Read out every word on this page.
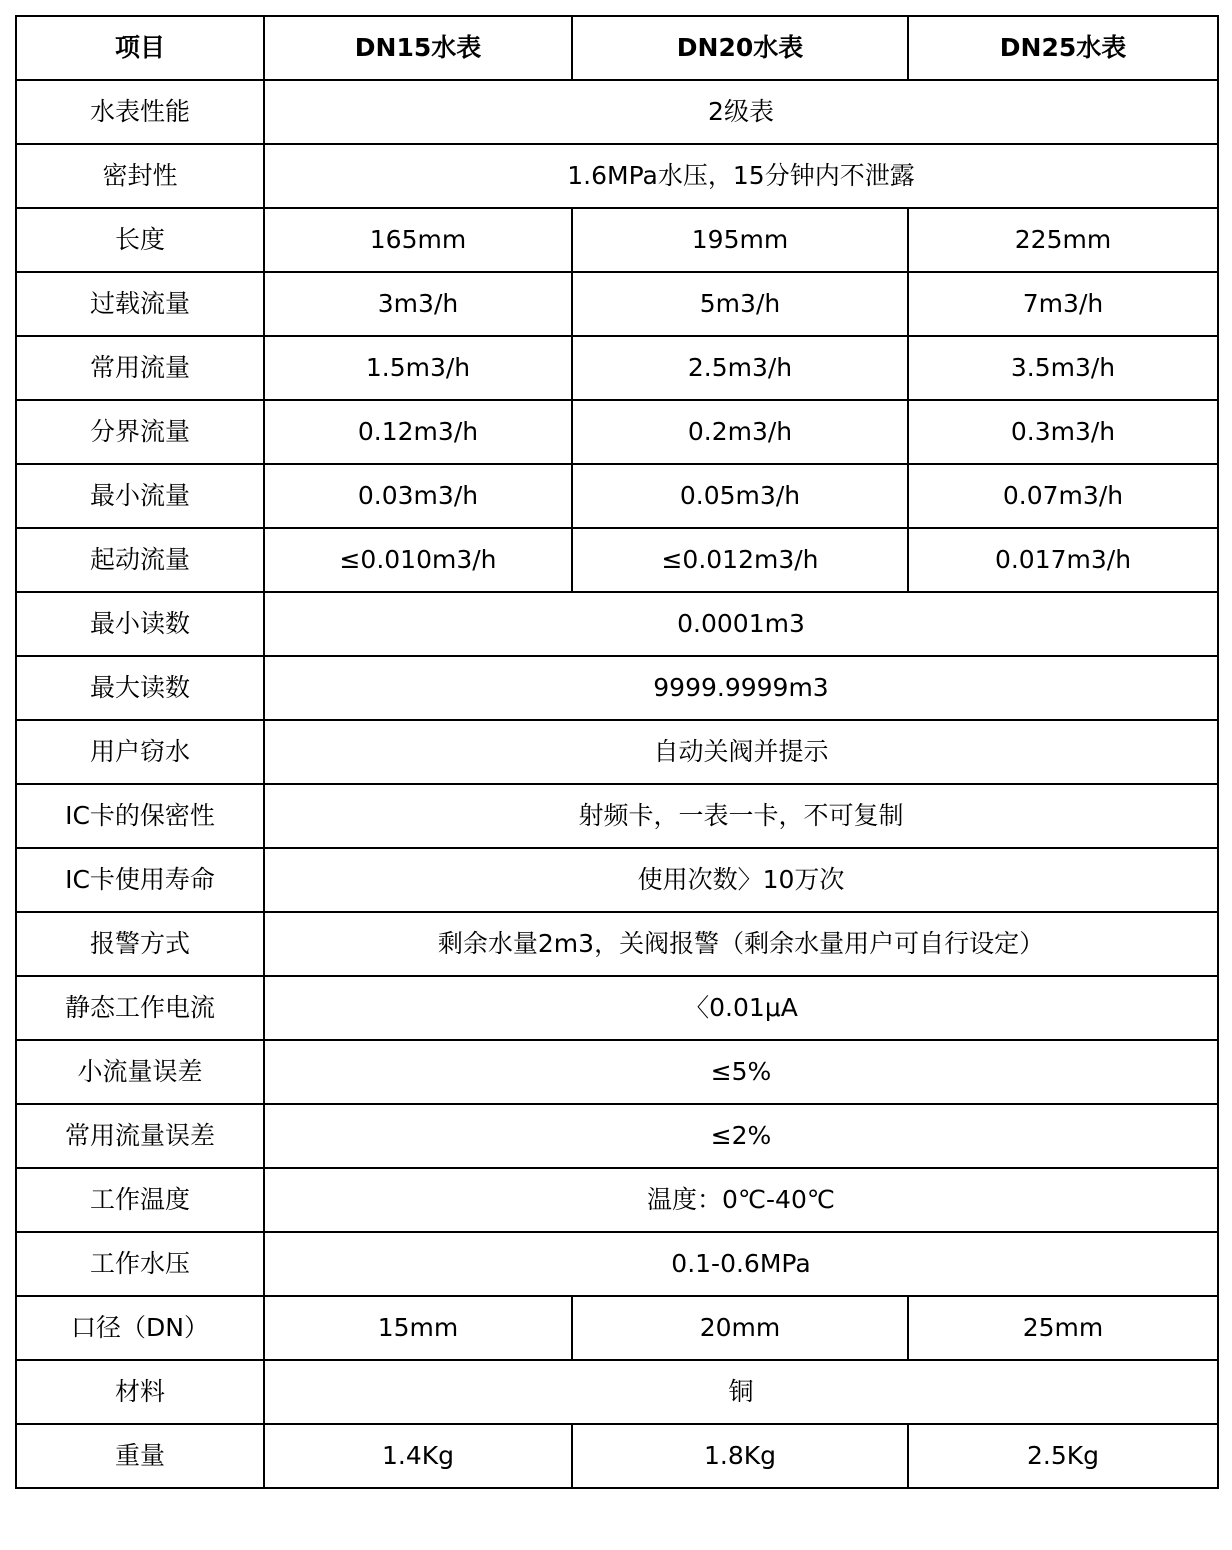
项目	DN15水表	DN20水表	DN25水表
水表性能	2级表		
密封性	1.6MPa水压，15分钟内不泄露		
长度	165mm	195mm	225mm
过载流量	3m3/h	5m3/h	7m3/h
常用流量	1.5m3/h	2.5m3/h	3.5m3/h
分界流量	0.12m3/h	0.2m3/h	0.3m3/h
最小流量	0.03m3/h	0.05m3/h	0.07m3/h
起动流量	≤0.010m3/h	≤0.012m3/h	0.017m3/h
最小读数	0.0001m3		
最大读数	9999.9999m3		
用户窃水	自动关阀并提示		
IC卡的保密性	射频卡，一表一卡，不可复制		
IC卡使用寿命	使用次数〉10万次		
报警方式	剩余水量2m3，关阀报警（剩余水量用户可自行设定）		
静态工作电流	〈0.01μA		
小流量误差	≤5%		
常用流量误差	≤2%		
工作温度	温度：0℃-40℃		
工作水压	0.1-0.6MPa		
口径（DN）	15mm	20mm	25mm
材料	铜		
重量	1.4Kg	1.8Kg	2.5Kg
